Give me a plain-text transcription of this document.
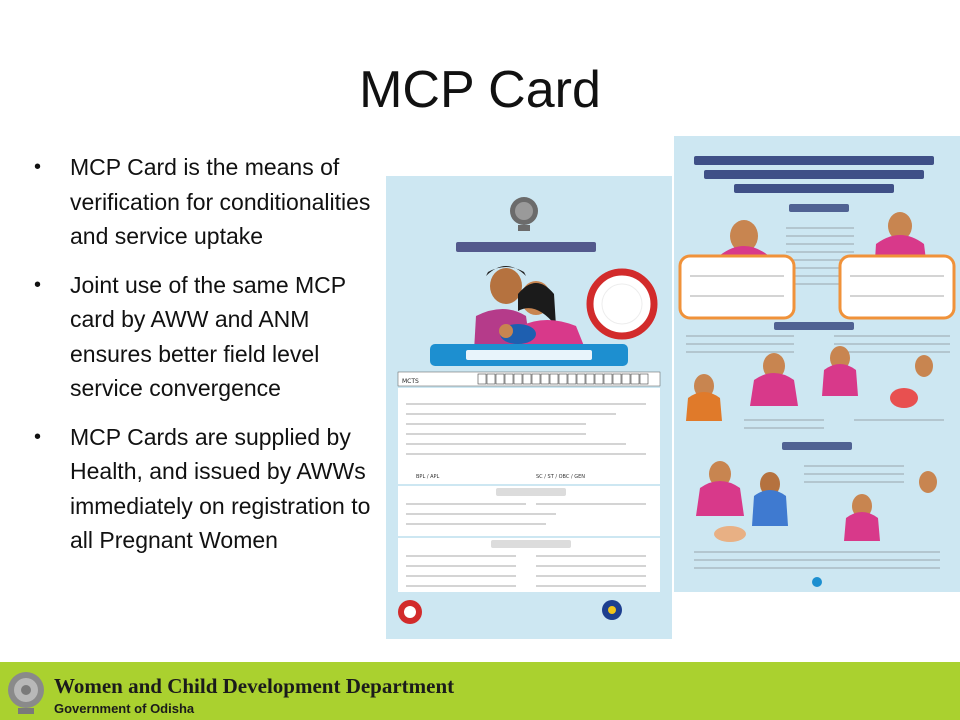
MCP Card
• MCP Card is the means of verification for conditionalities and service uptake
• Joint use of the same MCP card by AWW and ANM ensures better field level service convergence
• MCP Cards are supplied by Health, and issued by AWWs immediately on registration to all Pregnant Women
MCTS
BPL / APL	SC / ST / OBC / GEN
Women and Child Development Department
Government of Odisha
